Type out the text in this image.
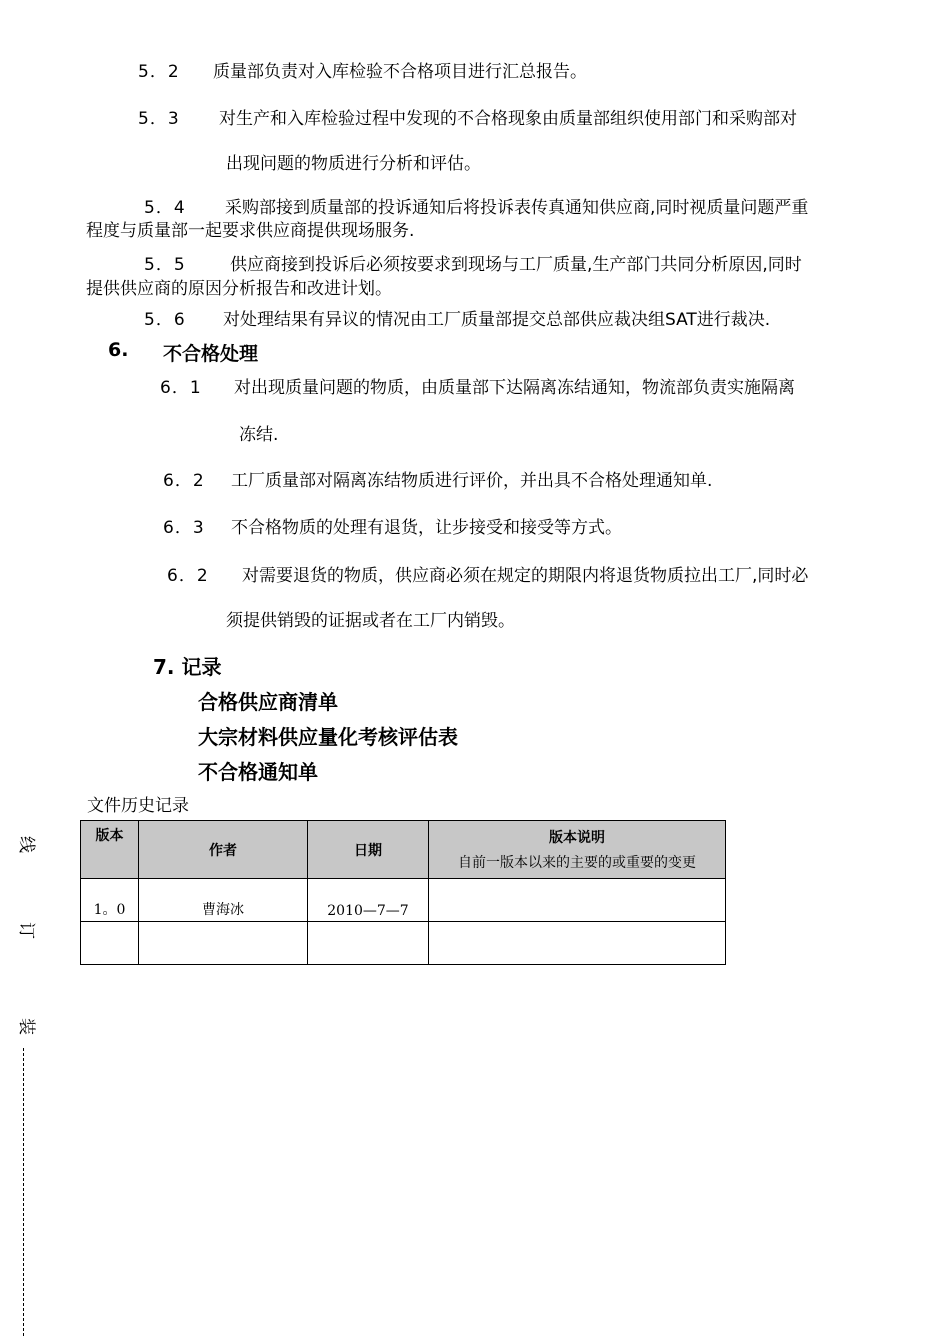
5．2 质量部负责对入库检验不合格项目进行汇总报告。
5．3 对生产和入库检验过程中发现的不合格现象由质量部组织使用部门和采购部对
出现问题的物质进行分析和评估。
5．4 采购部接到质量部的投诉通知后将投诉表传真通知供应商,同时视质量问题严重
程度与质量部一起要求供应商提供现场服务.
5．5	供应商接到投诉后必须按要求到现场与工厂质量,生产部门共同分析原因,同时
提供供应商的原因分析报告和改进计划。
5．6 对处理结果有异议的情况由工厂质量部提交总部供应裁决组SAT进行裁决.
6. 不合格处理
6．1 对出现质量问题的物质，由质量部下达隔离冻结通知，物流部负责实施隔离
冻结.
6．2 工厂质量部对隔离冻结物质进行评价，并出具不合格处理通知单.
6．3 不合格物质的处理有退货，让步接受和接受等方式。
6．2 对需要退货的物质，供应商必须在规定的期限内将退货物质拉出工厂,同时必
须提供销毁的证据或者在工厂内销毁。
7. 记录
合格供应商清单
大宗材料供应量化考核评估表
不合格通知单
文件历史记录
版本	作者	日期	版本说明
自前一版本以来的主要的或重要的变更

1。0	曹海冰	2010—7—7	

线
订
装
